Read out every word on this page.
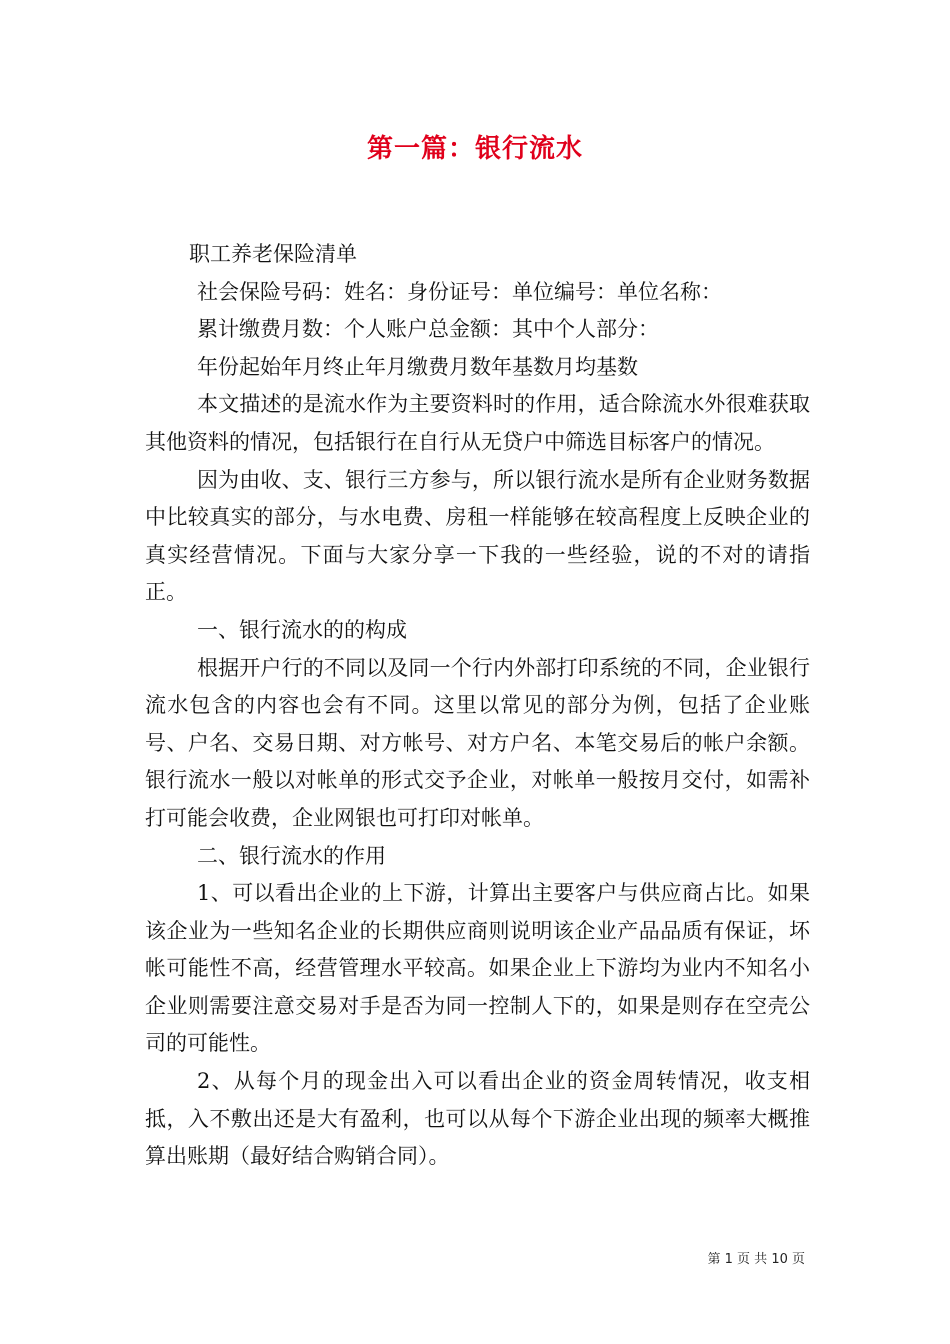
第一篇：银行流水

职工养老保险清单

社会保险号码：姓名：身份证号：单位编号：单位名称：

累计缴费月数：个人账户总金额：其中个人部分：

年份起始年月终止年月缴费月数年基数月均基数

本文描述的是流水作为主要资料时的作用，适合除流水外很难获取其他资料的情况，包括银行在自行从无贷户中筛选目标客户的情况。

因为由收、支、银行三方参与，所以银行流水是所有企业财务数据中比较真实的部分，与水电费、房租一样能够在较高程度上反映企业的真实经营情况。下面与大家分享一下我的一些经验，说的不对的请指正。

一、银行流水的的构成

根据开户行的不同以及同一个行内外部打印系统的不同，企业银行流水包含的内容也会有不同。这里以常见的部分为例，包括了企业账号、户名、交易日期、对方帐号、对方户名、本笔交易后的帐户余额。银行流水一般以对帐单的形式交予企业，对帐单一般按月交付，如需补打可能会收费，企业网银也可打印对帐单。

二、银行流水的作用

1、可以看出企业的上下游，计算出主要客户与供应商占比。如果该企业为一些知名企业的长期供应商则说明该企业产品品质有保证，坏帐可能性不高，经营管理水平较高。如果企业上下游均为业内不知名小企业则需要注意交易对手是否为同一控制人下的，如果是则存在空壳公司的可能性。

2、从每个月的现金出入可以看出企业的资金周转情况，收支相抵，入不敷出还是大有盈利，也可以从每个下游企业出现的频率大概推算出账期（最好结合购销合同）。

第 1 页 共 10 页
